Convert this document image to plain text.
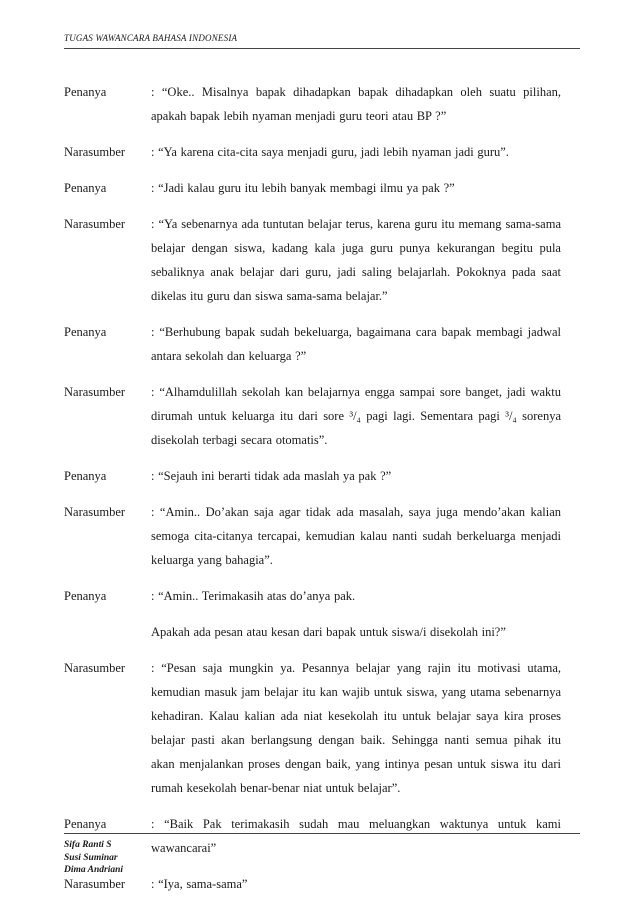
TUGAS WAWANCARA BAHASA INDONESIA
Penanya	: “Oke.. Misalnya bapak dihadapkan bapak dihadapkan oleh suatu pilihan,
apakah bapak lebih nyaman menjadi guru teori atau BP ?”
Narasumber	: “Ya karena cita-cita saya menjadi guru, jadi lebih nyaman jadi guru”.
Penanya	: “Jadi kalau guru itu lebih banyak membagi ilmu ya pak ?”
Narasumber	: “Ya sebenarnya ada tuntutan belajar terus, karena guru itu memang sama-sama
belajar dengan siswa, kadang kala juga guru punya kekurangan begitu pula
sebaliknya anak belajar dari guru, jadi saling belajarlah. Pokoknya pada saat
dikelas itu guru dan siswa sama-sama belajar.”
Penanya	: “Berhubung bapak sudah bekeluarga, bagaimana cara bapak membagi jadwal
antara sekolah dan keluarga ?”
Narasumber	: “Alhamdulillah sekolah kan belajarnya engga sampai sore banget, jadi waktu
dirumah untuk keluarga itu dari sore ³/₄ pagi lagi. Sementara pagi ³/₄ sorenya
disekolah terbagi secara otomatis”.
Penanya	: “Sejauh ini berarti tidak ada maslah ya pak ?”
Narasumber	: “Amin.. Do’akan saja agar tidak ada masalah, saya juga mendo’akan kalian
semoga cita-citanya tercapai, kemudian kalau nanti sudah berkeluarga menjadi
keluarga yang bahagia”.
Penanya	: “Amin.. Terimakasih atas do’anya pak.
Apakah ada pesan atau kesan dari bapak untuk siswa/i disekolah ini?”
Narasumber	: “Pesan saja mungkin ya. Pesannya belajar yang rajin itu motivasi utama,
kemudian masuk jam belajar itu kan wajib untuk siswa, yang utama sebenarnya
kehadiran. Kalau kalian ada niat kesekolah itu untuk belajar saya kira proses
belajar pasti akan berlangsung dengan baik. Sehingga nanti semua pihak itu
akan menjalankan proses dengan baik, yang intinya pesan untuk siswa itu dari
rumah kesekolah benar-benar niat untuk belajar”.
Penanya	: “Baik Pak terimakasih sudah mau meluangkan waktunya untuk kami
wawancarai”
Narasumber	: “Iya, sama-sama”
Sifa Ranti S
Susi Suminar
Dima Andriani
